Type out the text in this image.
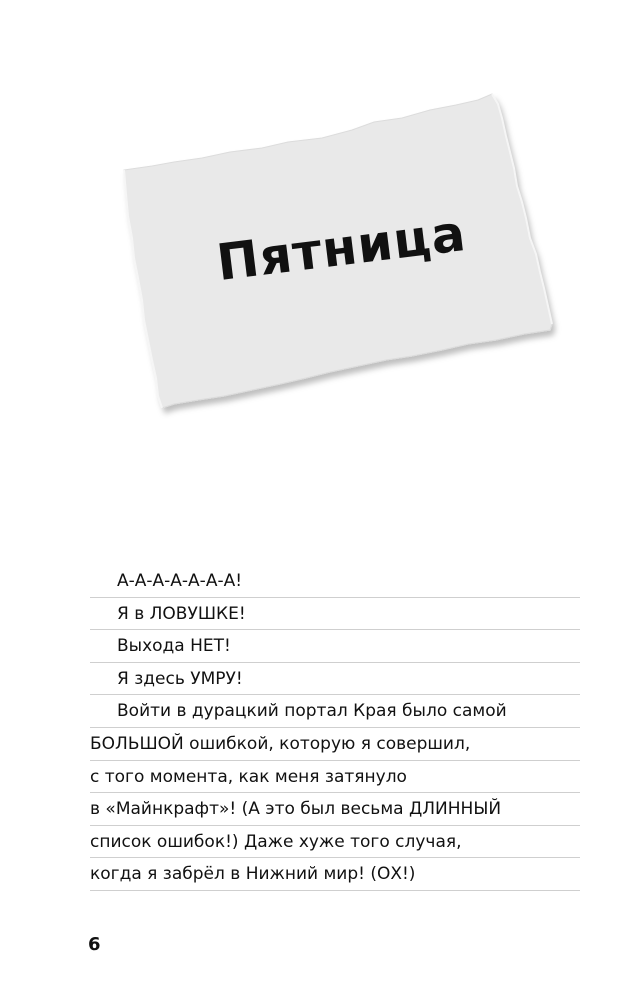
Пятница
А-А-А-А-А-А-А!
Я в ЛОВУШКЕ!
Выхода НЕТ!
Я здесь УМРУ!
Войти в дурацкий портал Края было самой
БОЛЬШОЙ ошибкой, которую я совершил,
с того момента, как меня затянуло
в «Майнкрафт»! (А это был весьма ДЛИННЫЙ
список ошибок!) Даже хуже того случая,
когда я забрёл в Нижний мир! (ОХ!)
6
